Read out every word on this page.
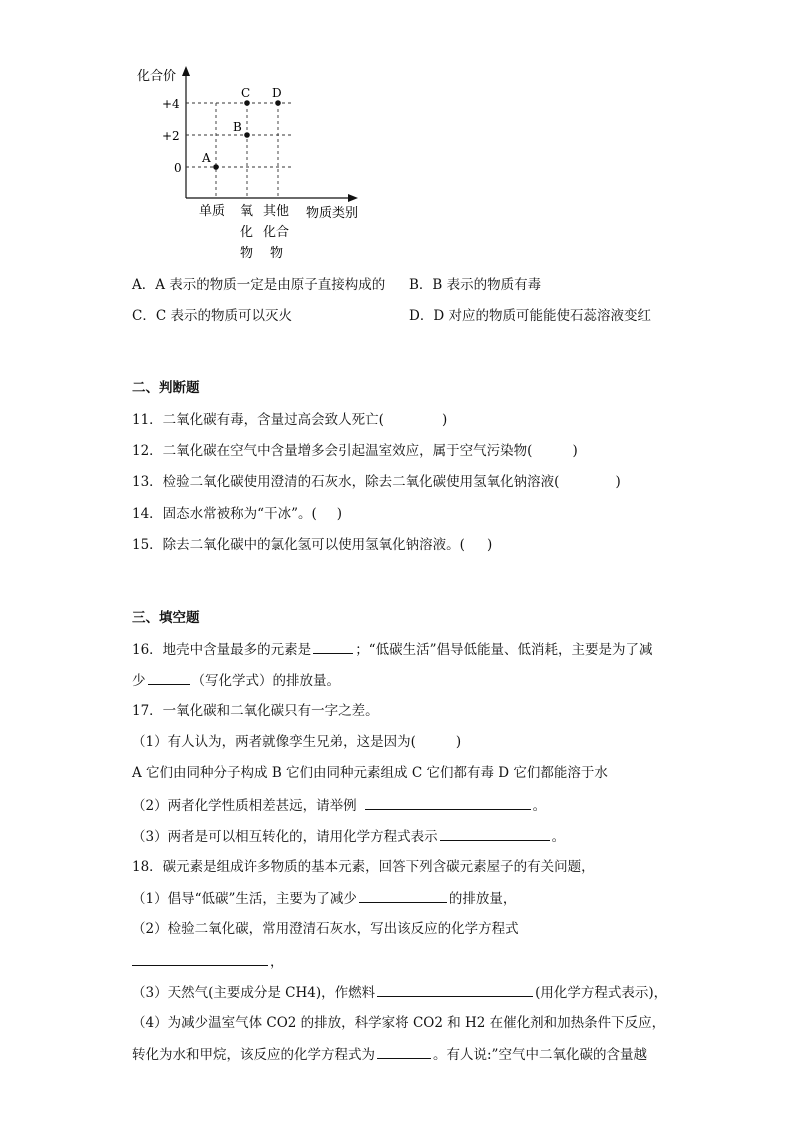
化合价
+4
+2
0
A
B
C D
单质 氧
化
物
其他
化合
物
物质类别
A．A 表示的物质一定是由原子直接构成的 B．B 表示的物质有毒
C．C 表示的物质可以灭火	D．D 对应的物质可能能使石蕊溶液变红
二、判断题
11．二氧化碳有毒，含量过高会致人死亡(	)
12．二氧化碳在空气中含量增多会引起温室效应，属于空气污染物(	)
13．检验二氧化碳使用澄清的石灰水，除去二氧化碳使用氢氧化钠溶液(	)
14．固态水常被称为“干冰”。( )
15．除去二氧化碳中的氯化氢可以使用氢氧化钠溶液。( )
三、填空题
16．地壳中含量最多的元素是	；“低碳生活”倡导低能量、低消耗，主要是为了减
少	（写化学式）的排放量。
17．一氧化碳和二氧化碳只有一字之差。
（1）有人认为，两者就像孪生兄弟，这是因为(	)
A 它们由同种分子构成 B 它们由同种元素组成 C 它们都有毒 D 它们都能溶于水
（2）两者化学性质相差甚远，请举例	。
（3）两者是可以相互转化的，请用化学方程式表示	。
18．碳元素是组成许多物质的基本元素，回答下列含碳元素屋子的有关问题，
（1）倡导“低碳”生活，主要为了减少	的排放量，
（2）检验二氧化碳，常用澄清石灰水，写出该反应的化学方程式
，
（3）天然气(主要成分是 CH4)，作燃料	(用化学方程式表示)，
（4）为减少温室气体 CO2 的排放，科学家将 CO2 和 H2 在催化剂和加热条件下反应，
转化为水和甲烷，该反应的化学方程式为	。有人说:”空气中二氧化碳的含量越
